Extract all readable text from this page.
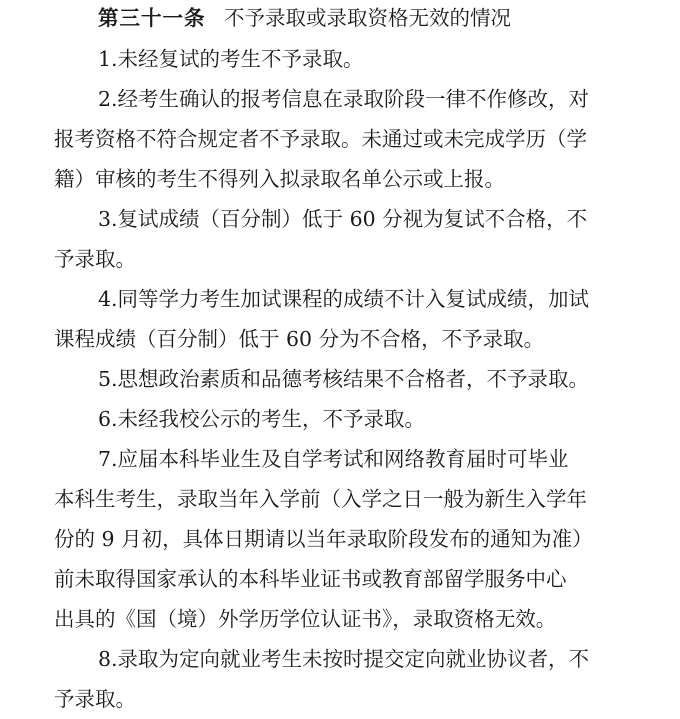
第三十一条 不予录取或录取资格无效的情况
1.未经复试的考生不予录取。
2.经考生确认的报考信息在录取阶段一律不作修改，对
报考资格不符合规定者不予录取。未通过或未完成学历（学
籍）审核的考生不得列入拟录取名单公示或上报。
3.复试成绩（百分制）低于 60 分视为复试不合格，不
予录取。
4.同等学力考生加试课程的成绩不计入复试成绩，加试
课程成绩（百分制）低于 60 分为不合格，不予录取。
5.思想政治素质和品德考核结果不合格者，不予录取。
6.未经我校公示的考生，不予录取。
7.应届本科毕业生及自学考试和网络教育届时可毕业
本科生考生，录取当年入学前（入学之日一般为新生入学年
份的 9 月初，具体日期请以当年录取阶段发布的通知为准）
前未取得国家承认的本科毕业证书或教育部留学服务中心
出具的《国（境）外学历学位认证书》，录取资格无效。
8.录取为定向就业考生未按时提交定向就业协议者，不
予录取。
